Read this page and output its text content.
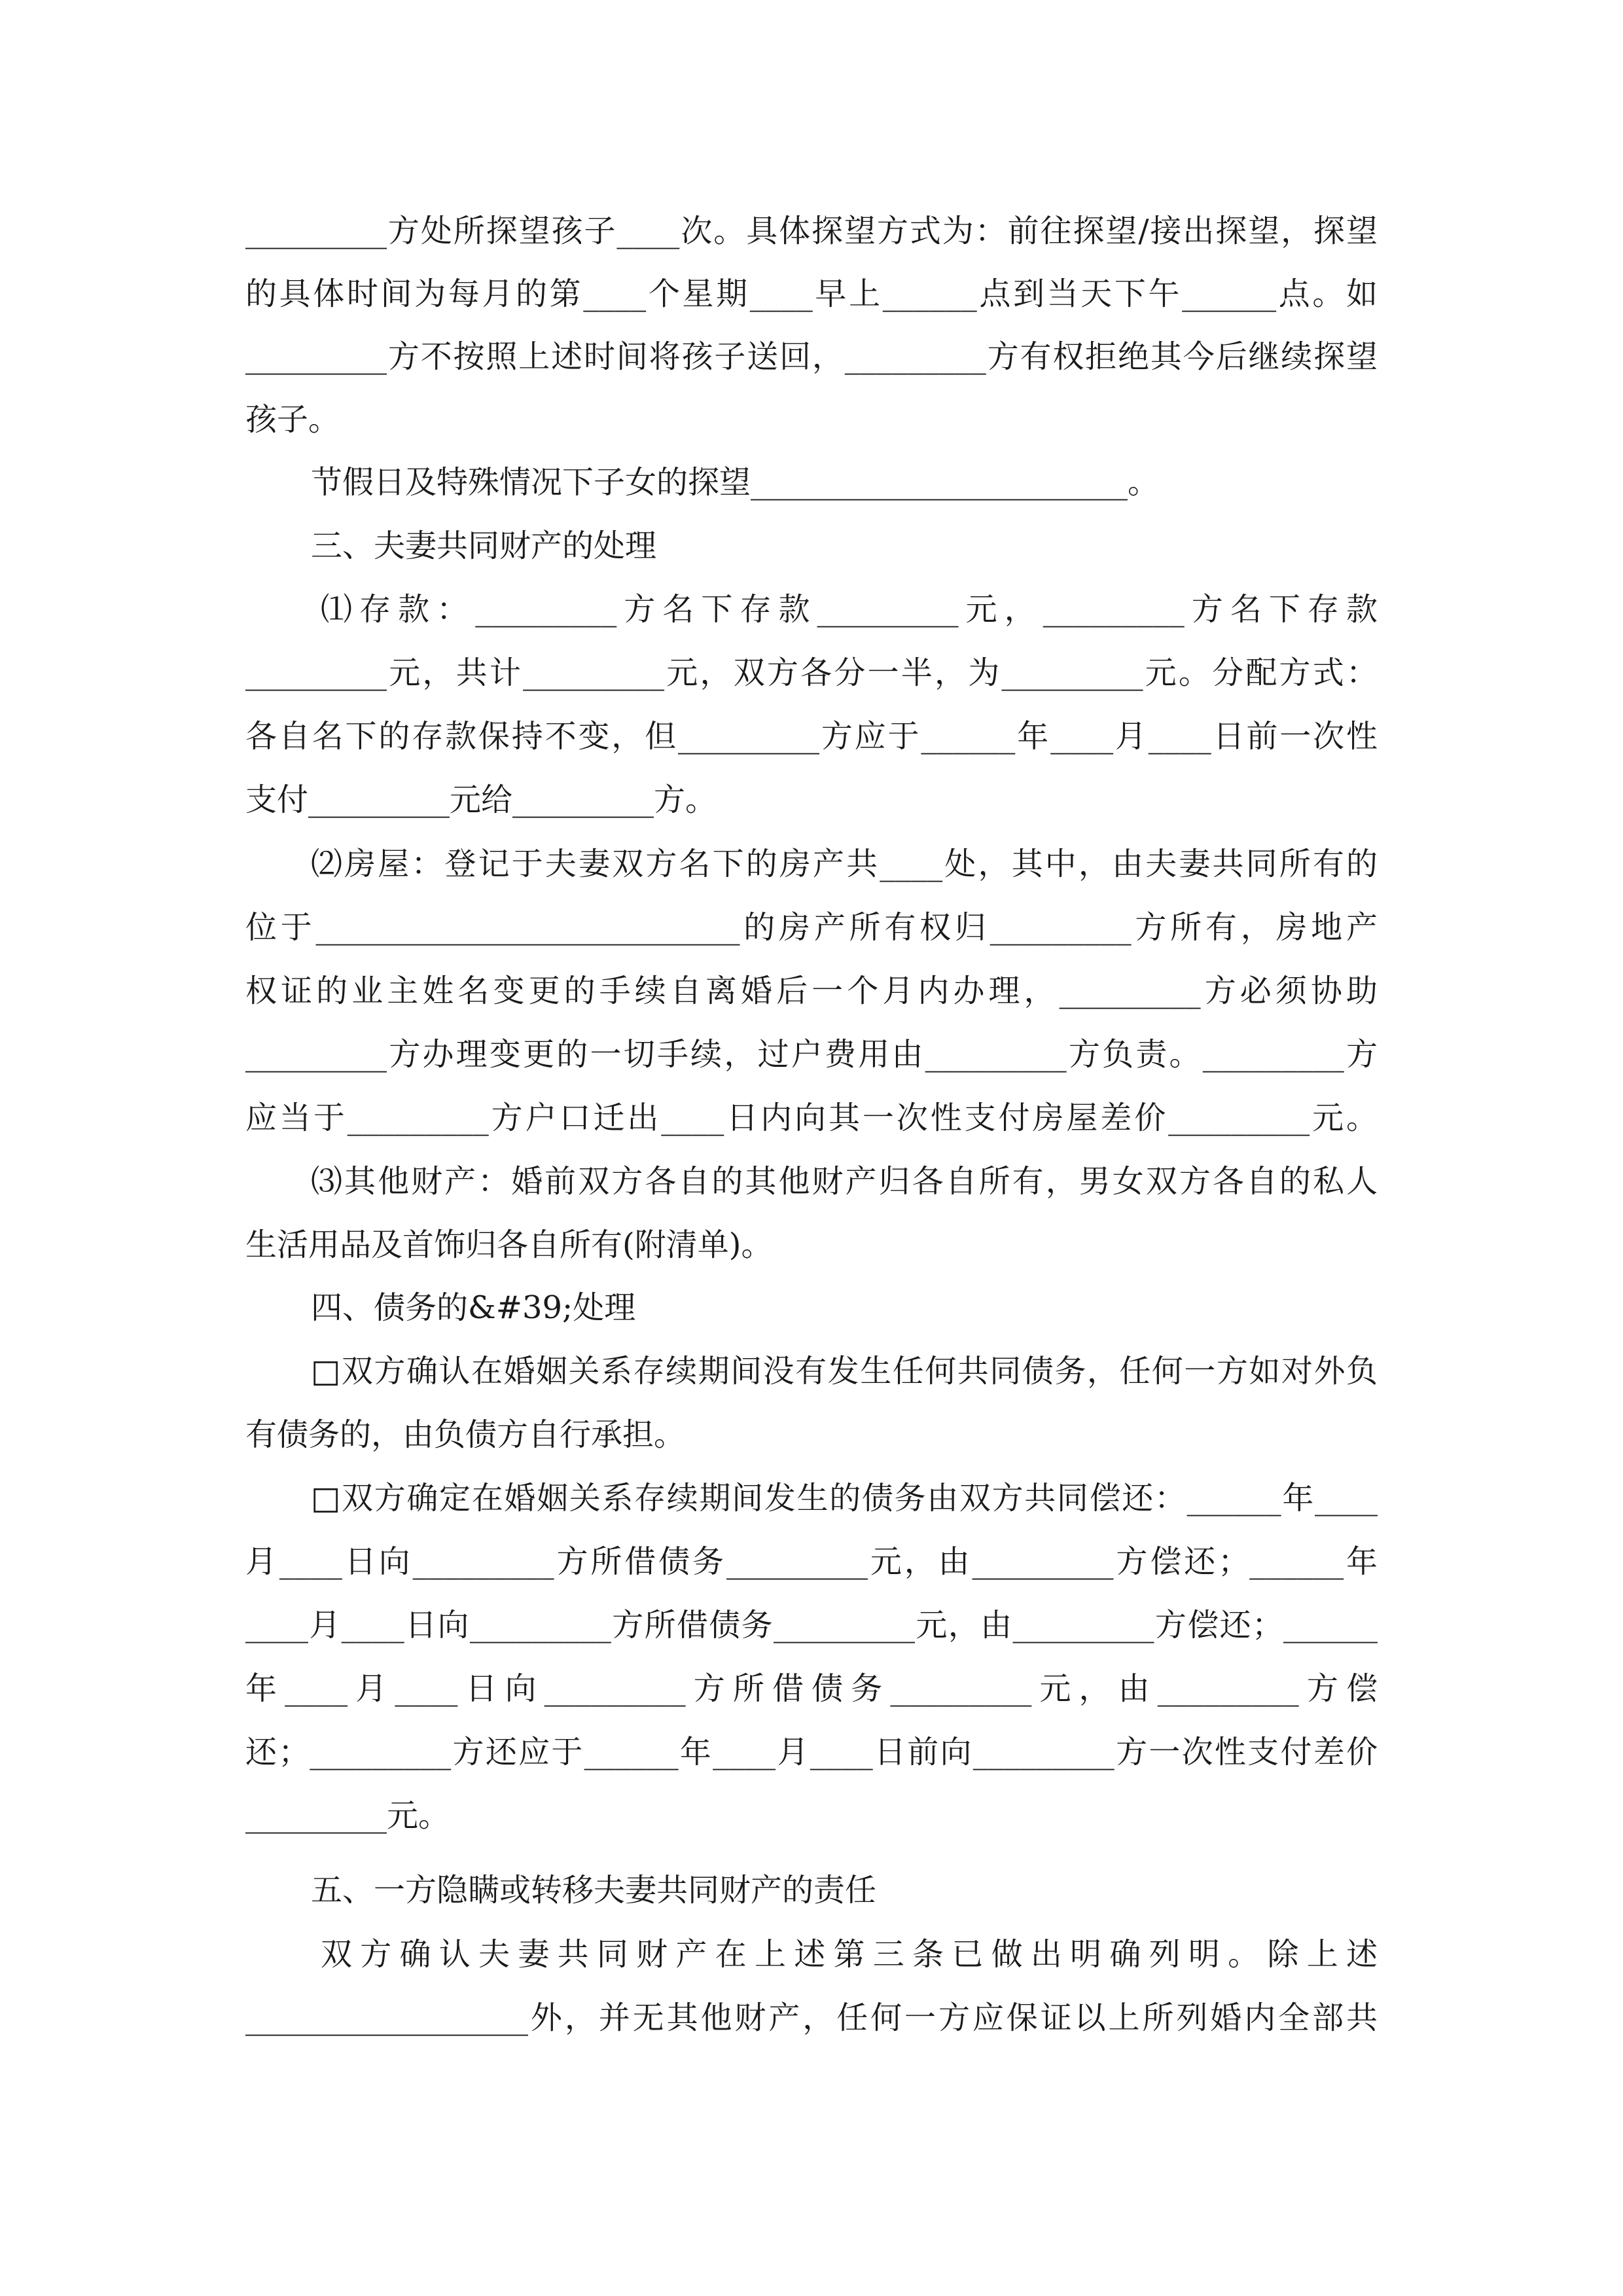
_________方处所探望孩子____次。具体探望方式为：前往探望/接出探望，探望
的具体时间为每月的第____个星期____早上______点到当天下午______点。如
_________方不按照上述时间将孩子送回，_________方有权拒绝其今后继续探望
孩子。
节假日及特殊情况下子女的探望________________________。
三、夫妻共同财产的处理
⑴存款：_________方名下存款_________元，_________方名下存款
_________元，共计_________元，双方各分一半，为_________元。分配方式：
各自名下的存款保持不变，但_________方应于______年____月____日前一次性
支付_________元给_________方。
⑵房屋：登记于夫妻双方名下的房产共____处，其中，由夫妻共同所有的
位于___________________________的房产所有权归_________方所有，房地产
权证的业主姓名变更的手续自离婚后一个月内办理，_________方必须协助
_________方办理变更的一切手续，过户费用由_________方负责。_________方
应当于_________方户口迁出____日内向其一次性支付房屋差价_________元。
⑶其他财产：婚前双方各自的其他财产归各自所有，男女双方各自的私人
生活用品及首饰归各自所有(附清单)。
四、债务的&#39;处理
□双方确认在婚姻关系存续期间没有发生任何共同债务，任何一方如对外负
有债务的，由负债方自行承担。
□双方确定在婚姻关系存续期间发生的债务由双方共同偿还：______年____
月____日向_________方所借债务_________元，由_________方偿还；______年
____月____日向_________方所借债务_________元，由_________方偿还；______
年____月____日向_________方所借债务_________元，由_________方偿
还；_________方还应于______年____月____日前向_________方一次性支付差价
_________元。
五、一方隐瞒或转移夫妻共同财产的责任
双方确认夫妻共同财产在上述第三条已做出明确列明。除上述
__________________外，并无其他财产，任何一方应保证以上所列婚内全部共
